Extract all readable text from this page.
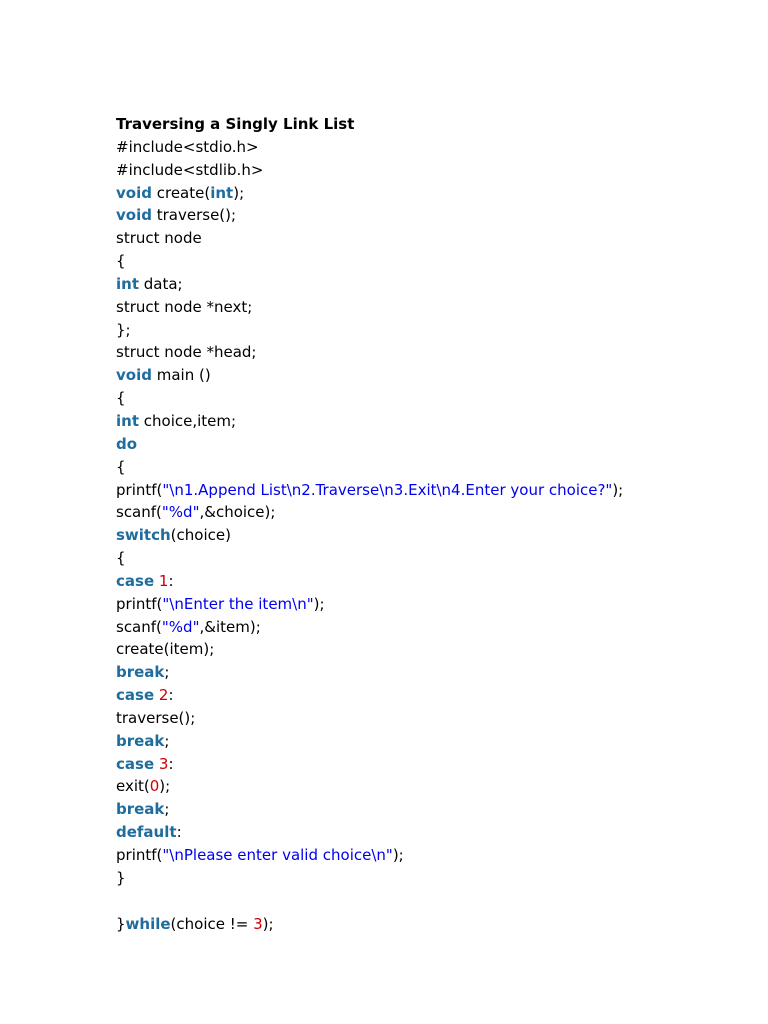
Traversing a Singly Link List
#include<stdio.h>
#include<stdlib.h>
void create(int);
void traverse();
struct node
{
int data;
struct node *next;
};
struct node *head;
void main ()
{
int choice,item;
do
{
printf("\n1.Append List\n2.Traverse\n3.Exit\n4.Enter your choice?");
scanf("%d",&choice);
switch(choice)
{
case 1:
printf("\nEnter the item\n");
scanf("%d",&item);
create(item);
break;
case 2:
traverse();
break;
case 3:
exit(0);
break;
default:
printf("\nPlease enter valid choice\n");
}
}while(choice != 3);
